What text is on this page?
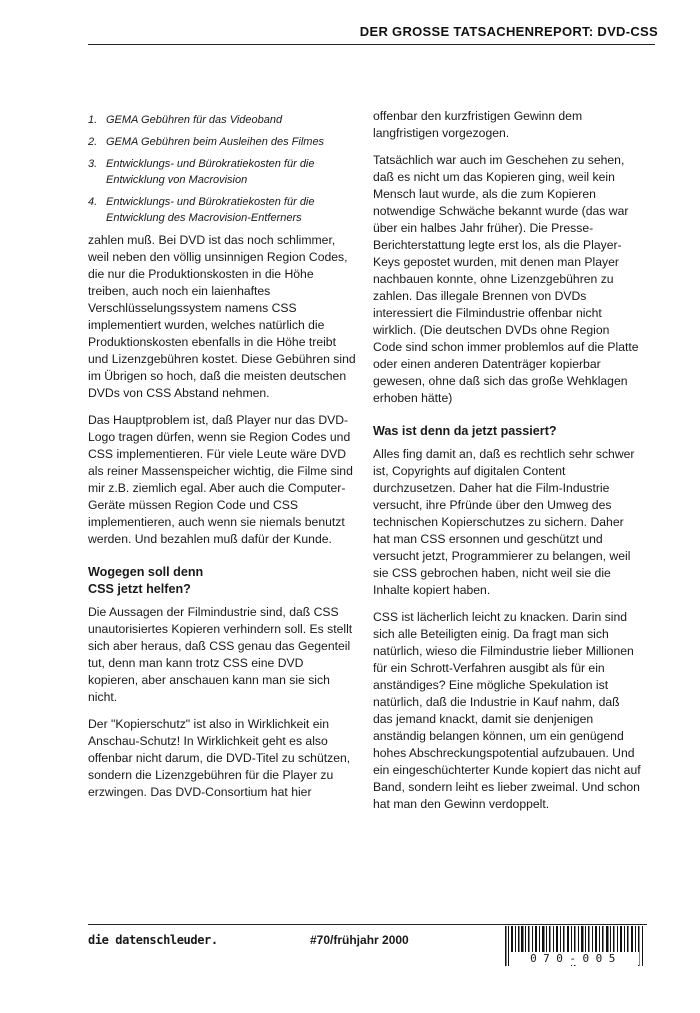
DER GROSSE TATSACHENREPORT: DVD-CSS
1. GEMA Gebühren für das Videoband
2. GEMA Gebühren beim Ausleihen des Filmes
3. Entwicklungs- und Bürokratiekosten für die Entwicklung von Macrovision
4. Entwicklungs- und Bürokratiekosten für die Entwicklung des Macrovision-Entferners

zahlen muß. Bei DVD ist das noch schlimmer, weil neben den völlig unsinnigen Region Codes, die nur die Produktionskosten in die Höhe treiben, auch noch ein laienhaftes Verschlüsselungssystem namens CSS implementiert wurden, welches natürlich die Produktionskosten ebenfalls in die Höhe treibt und Lizenzgebühren kostet. Diese Gebühren sind im Übrigen so hoch, daß die meisten deutschen DVDs von CSS Abstand nehmen.

Das Hauptproblem ist, daß Player nur das DVD-Logo tragen dürfen, wenn sie Region Codes und CSS implementieren. Für viele Leute wäre DVD als reiner Massenspeicher wichtig, die Filme sind mir z.B. ziemlich egal. Aber auch die Computer-Geräte müssen Region Code und CSS implementieren, auch wenn sie niemals benutzt werden. Und bezahlen muß dafür der Kunde.

Wogegen soll denn
CSS jetzt helfen?

Die Aussagen der Filmindustrie sind, daß CSS unautorisiertes Kopieren verhindern soll. Es stellt sich aber heraus, daß CSS genau das Gegenteil tut, denn man kann trotz CSS eine DVD kopieren, aber anschauen kann man sie sich nicht.

Der "Kopierschutz" ist also in Wirklichkeit ein Anschau-Schutz! In Wirklichkeit geht es also offenbar nicht darum, die DVD-Titel zu schützen, sondern die Lizenzgebühren für die Player zu erzwingen. Das DVD-Consortium hat hier

offenbar den kurzfristigen Gewinn dem langfristigen vorgezogen.

Tatsächlich war auch im Geschehen zu sehen, daß es nicht um das Kopieren ging, weil kein Mensch laut wurde, als die zum Kopieren notwendige Schwäche bekannt wurde (das war über ein halbes Jahr früher). Die Presse-Berichterstattung legte erst los, als die Player-Keys gepostet wurden, mit denen man Player nachbauen konnte, ohne Lizenzgebühren zu zahlen. Das illegale Brennen von DVDs interessiert die Filmindustrie offenbar nicht wirklich. (Die deutschen DVDs ohne Region Code sind schon immer problemlos auf die Platte oder einen anderen Datenträger kopierbar gewesen, ohne daß sich das große Wehklagen erhoben hätte)

Was ist denn da jetzt passiert?

Alles fing damit an, daß es rechtlich sehr schwer ist, Copyrights auf digitalen Content durchzusetzen. Daher hat die Film-Industrie versucht, ihre Pfründe über den Umweg des technischen Kopierschutzes zu sichern. Daher hat man CSS ersonnen und geschützt und versucht jetzt, Programmierer zu belangen, weil sie CSS gebrochen haben, nicht weil sie die Inhalte kopiert haben.

CSS ist lächerlich leicht zu knacken. Darin sind sich alle Beteiligten einig. Da fragt man sich natürlich, wieso die Filmindustrie lieber Millionen für ein Schrott-Verfahren ausgibt als für ein anständiges? Eine mögliche Spekulation ist natürlich, daß die Industrie in Kauf nahm, daß das jemand knackt, damit sie denjenigen anständig belangen können, um ein genügend hohes Abschreckungspotential aufzubauen. Und ein eingeschüchterter Kunde kopiert das nicht auf Band, sondern leiht es lieber zweimal. Und schon hat man den Gewinn verdoppelt.

die datenschleuder.	#70/frühjahr 2000
070-005
